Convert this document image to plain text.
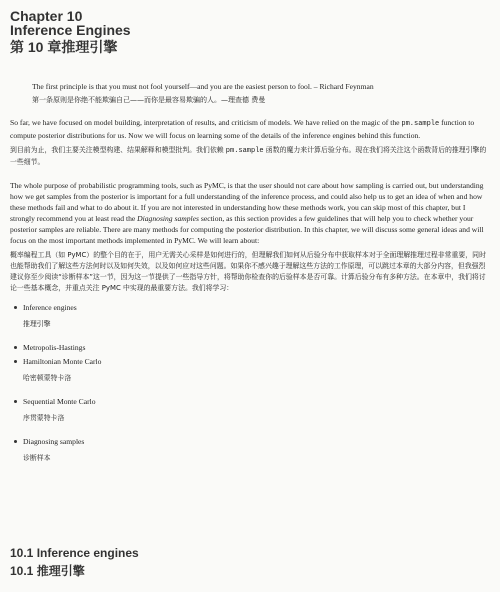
Chapter 10
Inference Engines
第 10 章推理引擎
The first principle is that you must not fool yourself—and you are the easiest person to fool. – Richard Feynman
第一条原则是你绝不能欺骗自己——而你是最容易欺骗的人。—理查德 费曼

So far, we have focused on model building, interpretation of results, and criticism of models. We have relied on the magic of the pm.sample function to compute posterior distributions for us. Now we will focus on learning some of the details of the inference engines behind this function.

到目前为止，我们主要关注模型构建、结果解释和模型批判。我们依赖 pm.sample 函数的魔力来计算后验分布。现在我们将关注这个函数背后的推理引擎的一些细节。

The whole purpose of probabilistic programming tools, such as PyMC, is that the user should not care about how sampling is carried out, but understanding how we get samples from the posterior is important for a full understanding of the inference process, and could also help us to get an idea of when and how these methods fail and what to do about it. If you are not interested in understanding how these methods work, you can skip most of this chapter, but I strongly recommend you at least read the Diagnosing samples section, as this section provides a few guidelines that will help you to check whether your posterior samples are reliable. There are many methods for computing the posterior distribution. In this chapter, we will discuss some general ideas and will focus on the most important methods implemented in PyMC. We will learn about:

概率编程工具（如 PyMC）的整个目的在于，用户无需关心采样是如何进行的，但理解我们如何从后验分布中获取样本对于全面理解推理过程非常重要，同时也能帮助我们了解这些方法何时以及如何失效，以及如何应对这些问题。如果你不感兴趣于理解这些方法的工作原理，可以跳过本章的大部分内容，但我强烈建议你至少阅读“诊断样本”这一节，因为这一节提供了一些指导方针，将帮助你检查你的后验样本是否可靠。计算后验分布有多种方法。在本章中，我们将讨论一些基本概念，并重点关注 PyMC 中实现的最重要方法。我们将学习：

Inference engines
推理引擎
Metropolis-Hastings
Hamiltonian Monte Carlo
哈密顿蒙特卡洛
Sequential Monte Carlo
序贯蒙特卡洛
Diagnosing samples
诊断样本
10.1 Inference engines
10.1 推理引擎
